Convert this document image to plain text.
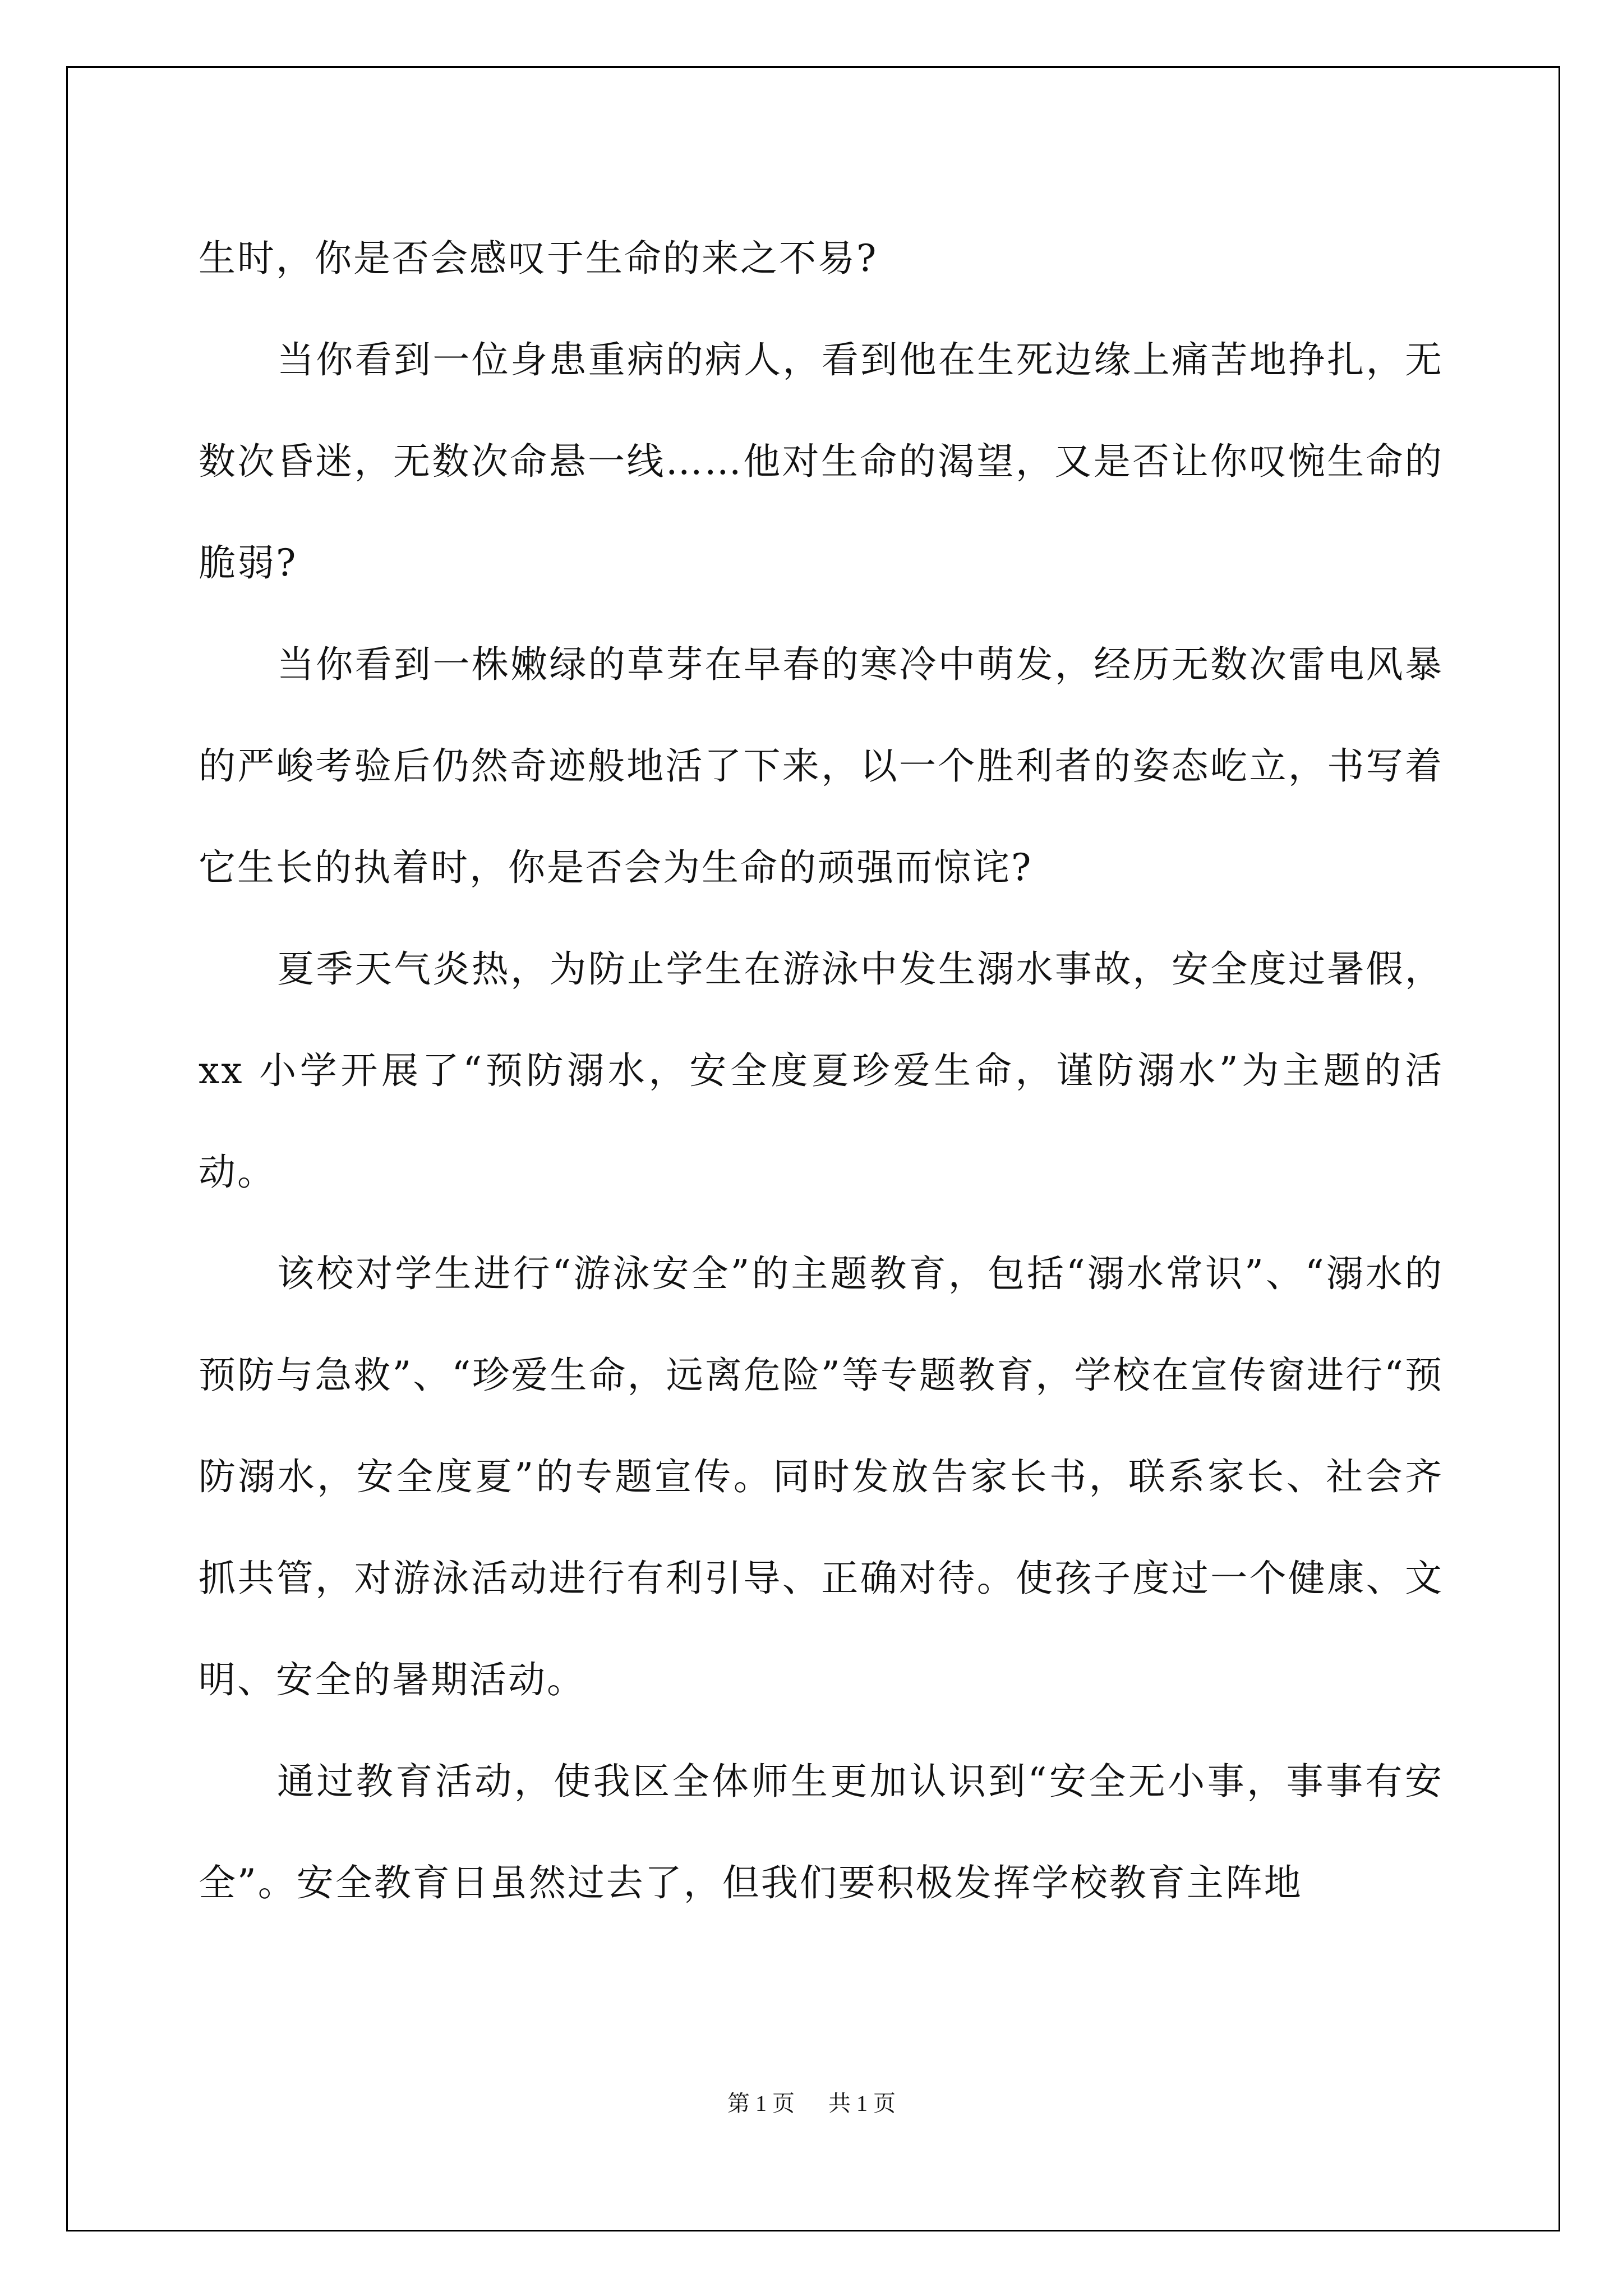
生时，你是否会感叹于生命的来之不易?

当你看到一位身患重病的病人，看到他在生死边缘上痛苦地挣扎，无数次昏迷，无数次命悬一线……他对生命的渴望，又是否让你叹惋生命的脆弱?

当你看到一株嫩绿的草芽在早春的寒冷中萌发，经历无数次雷电风暴的严峻考验后仍然奇迹般地活了下来，以一个胜利者的姿态屹立，书写着它生长的执着时，你是否会为生命的顽强而惊诧?

夏季天气炎热，为防止学生在游泳中发生溺水事故，安全度过暑假，xx 小学开展了“预防溺水，安全度夏珍爱生命，谨防溺水”为主题的活动。

该校对学生进行“游泳安全”的主题教育，包括“溺水常识”、“溺水的预防与急救”、“珍爱生命，远离危险”等专题教育，学校在宣传窗进行“预防溺水，安全度夏”的专题宣传。同时发放告家长书，联系家长、社会齐抓共管，对游泳活动进行有利引导、正确对待。使孩子度过一个健康、文明、安全的暑期活动。

通过教育活动，使我区全体师生更加认识到“安全无小事，事事有安全”。安全教育日虽然过去了，但我们要积极发挥学校教育主阵地

第 1 页 共 1 页
